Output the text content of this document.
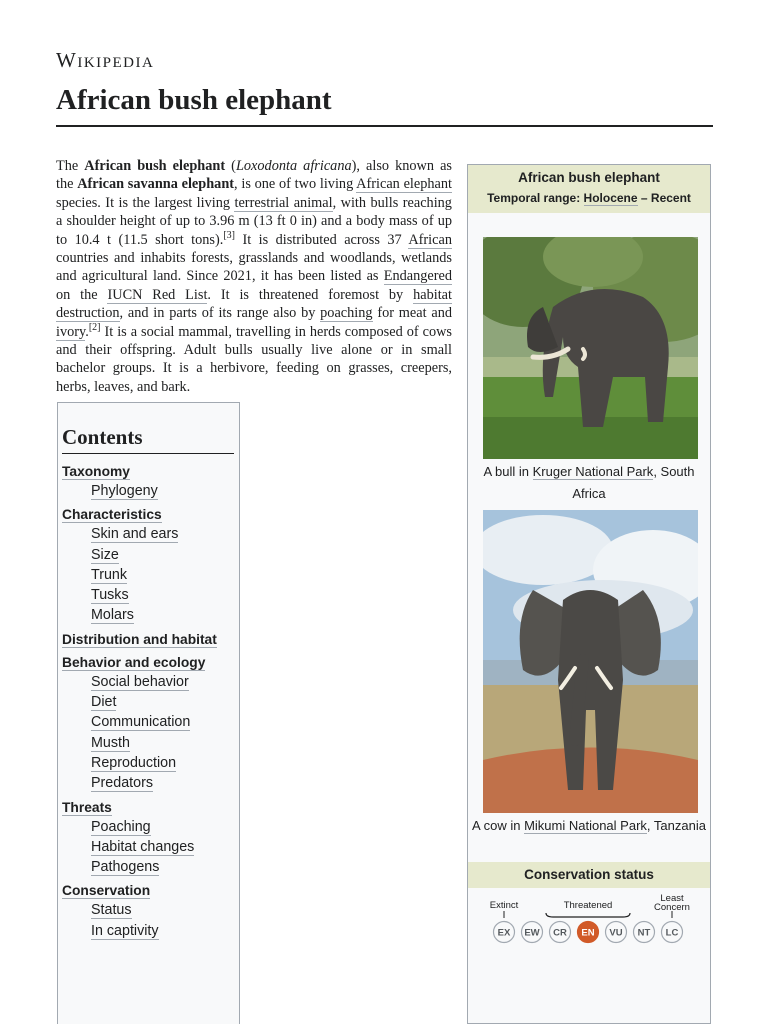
Wikipedia
African bush elephant

The African bush elephant (Loxodonta africana), also known as the African savanna elephant, is one of two living African elephant species. It is the largest living terrestrial animal, with bulls reaching a shoulder height of up to 3.96 m (13 ft 0 in) and a body mass of up to 10.4 t (11.5 short tons).[3] It is distributed across 37 African countries and inhabits forests, grasslands and woodlands, wetlands and agricultural land. Since 2021, it has been listed as Endangered on the IUCN Red List. It is threatened foremost by habitat destruction, and in parts of its range also by poaching for meat and ivory.[2] It is a social mammal, travelling in herds composed of cows and their offspring. Adult bulls usually live alone or in small bachelor groups. It is a herbivore, feeding on grasses, creepers, herbs, leaves, and bark.

African bush elephant
Temporal range: Holocene – Recent
A bull in Kruger National Park, South Africa
A cow in Mikumi National Park, Tanzania
Conservation status
Extinct	Threatened
Least
Concern
EX EW CR EN VU NT LC
Contents
Taxonomy
Phylogeny
Characteristics
Skin and ears
Size
Trunk
Tusks
Molars
Distribution and habitat
Behavior and ecology
Social behavior
Diet
Communication
Musth
Reproduction
Predators
Threats
Poaching
Habitat changes
Pathogens
Conservation
Status
In captivity
